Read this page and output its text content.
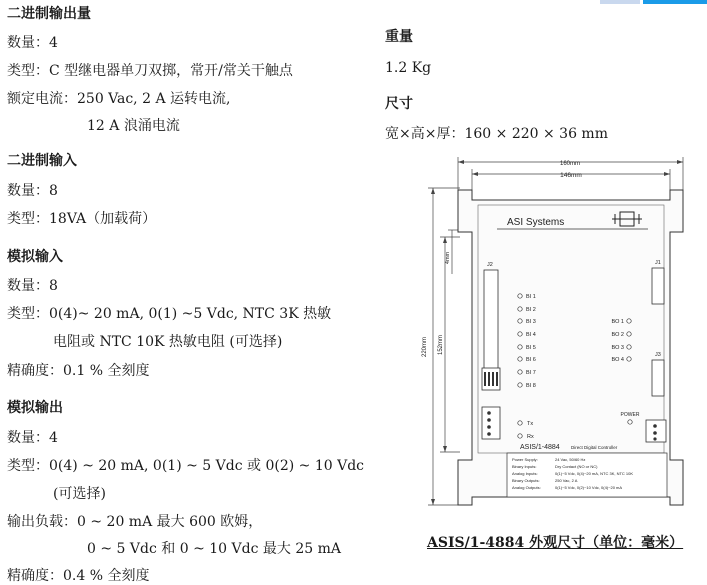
二进制输出量
数量：4
类型：C 型继电器单刀双掷，常开/常关干触点
额定电流：250 Vac, 2 A 运转电流,
12 A 浪涌电流
二进制输入
数量：8
类型：18VA（加载荷）
模拟输入
数量：8
类型：0(4)~ 20 mA, 0(1) ~5 Vdc, NTC 3K 热敏
电阻或 NTC 10K 热敏电阻 (可选择)
精确度：0.1 % 全刻度
模拟输出
数量：4
类型：0(4) ~ 20 mA, 0(1) ~ 5 Vdc 或 0(2) ~ 10 Vdc
(可选择)
输出负载：0 ~ 20 mA 最大 600 欧姆，
0 ~ 5 Vdc 和 0 ~ 10 Vdc 最大 25 mA
精确度：0.4 % 全刻度
重量
1.2 Kg
尺寸
宽×高×厚：160 × 220 × 36 mm
160mm
146mm
220mm 152mm
4mm
ASI Systems
J2	J1
J3
BI 1
BI 2
BI 3
BI 4
BI 5
BI 6
BI 7
BI 8
BO 1
BO 2
BO 3
BO 4
Tx
Rx
POWER
ASIS/1-4884	Direct Digital Controller
Power Supply:
Binary Inputs:
Analog Inputs:
Binary Outputs:
Analog Outputs:
24 Vac, 50/60 Hz
Dry Contact (NO or NC)
0(1)~5 Vdc, 0(4)~20 mA, NTC 3K, NTC 10K
250 Vac, 2 A
0(1)~5 Vdc, 0(2)~10 Vdc, 0(4)~20 mA
ASIS/1-4884 外观尺寸（单位：毫米）
